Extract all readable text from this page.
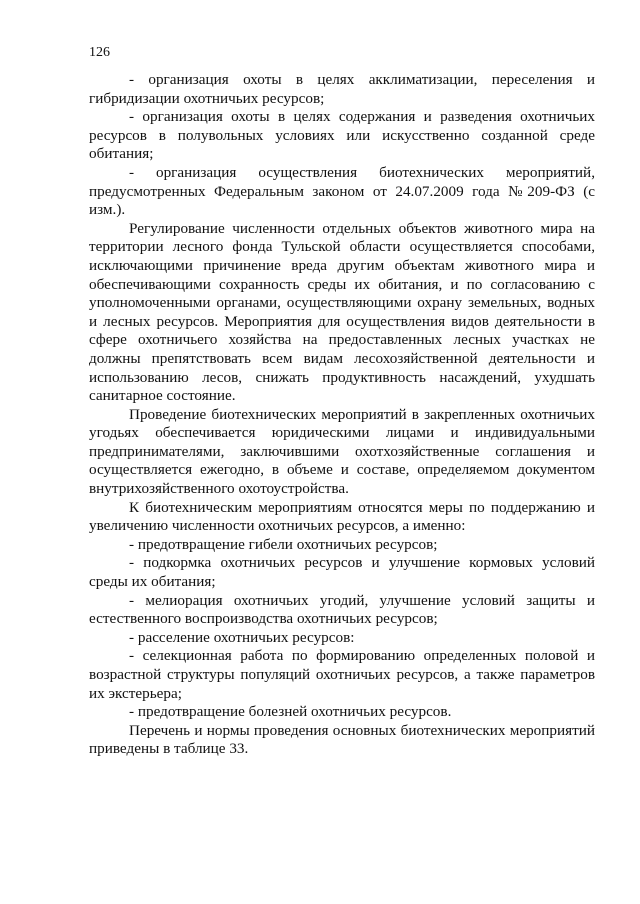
126

- организация охоты в целях акклиматизации, переселения и гибридизации охотничьих ресурсов;

- организация охоты в целях содержания и разведения охотничьих ресурсов в полувольных условиях или искусственно созданной среде обитания;

- организация осуществления биотехнических мероприятий, предусмотренных Федеральным законом от 24.07.2009 года №209-ФЗ (с изм.).

Регулирование численности отдельных объектов животного мира на территории лесного фонда Тульской области осуществляется способами, исключающими причинение вреда другим объектам животного мира и обеспечивающими сохранность среды их обитания, и по согласованию с уполномоченными органами, осуществляющими охрану земельных, водных и лесных ресурсов. Мероприятия для осуществления видов деятельности в сфере охотничьего хозяйства на предоставленных лесных участках не должны препятствовать всем видам лесохозяйственной деятельности и использованию лесов, снижать продуктивность насаждений, ухудшать санитарное состояние.

Проведение биотехнических мероприятий в закрепленных охотничьих угодьях обеспечивается юридическими лицами и индивидуальными предпринимателями, заключившими охотхозяйственные соглашения и осуществляется ежегодно, в объеме и составе, определяемом документом внутрихозяйственного охотоустройства.

К биотехническим мероприятиям относятся меры по поддержанию и увеличению численности охотничьих ресурсов, а именно:

- предотвращение гибели охотничьих ресурсов;

- подкормка охотничьих ресурсов и улучшение кормовых условий среды их обитания;

- мелиорация охотничьих угодий, улучшение условий защиты и естественного воспроизводства охотничьих ресурсов;

- расселение охотничьих ресурсов:

- селекционная работа по формированию определенных половой и возрастной структуры популяций охотничьих ресурсов, а также параметров их экстерьера;

- предотвращение болезней охотничьих ресурсов.

Перечень и нормы проведения основных биотехнических мероприятий приведены в таблице 33.
